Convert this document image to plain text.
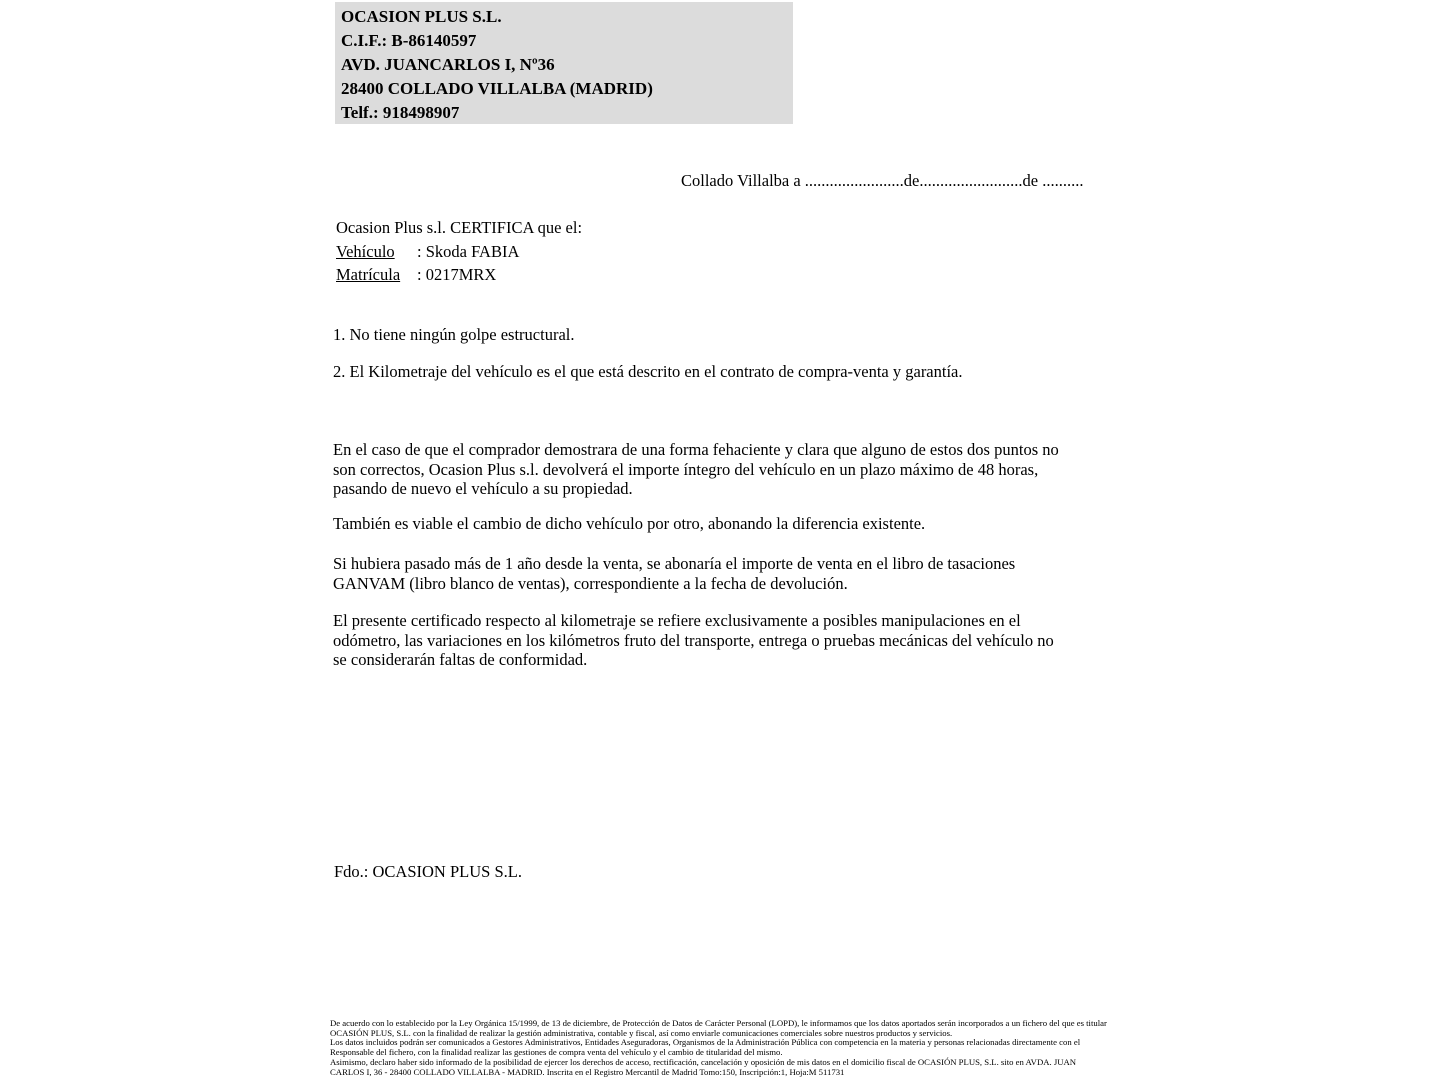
OCASION PLUS S.L.
C.I.F.: B-86140597
AVD. JUANCARLOS I, Nº36
28400 COLLADO VILLALBA (MADRID)
Telf.: 918498907
Collado Villalba a ........................de.........................de ..........
Ocasion Plus s.l. CERTIFICA que el:
Vehículo : Skoda FABIA
Matrícula : 0217MRX
1. No tiene ningún golpe estructural.
2. El Kilometraje del vehículo es el que está descrito en el contrato de compra-venta y garantía.
En el caso de que el comprador demostrara de una forma fehaciente y clara que alguno de estos dos puntos no
son correctos, Ocasion Plus s.l. devolverá el importe íntegro del vehículo en un plazo máximo de 48 horas,
pasando de nuevo el vehículo a su propiedad.
También es viable el cambio de dicho vehículo por otro, abonando la diferencia existente.
Si hubiera pasado más de 1 año desde la venta, se abonaría el importe de venta en el libro de tasaciones
GANVAM (libro blanco de ventas), correspondiente a la fecha de devolución.
El presente certificado respecto al kilometraje se refiere exclusivamente a posibles manipulaciones en el
odómetro, las variaciones en los kilómetros fruto del transporte, entrega o pruebas mecánicas del vehículo no
se considerarán faltas de conformidad.
Fdo.: OCASION PLUS S.L.
De acuerdo con lo establecido por la Ley Orgánica 15/1999, de 13 de diciembre, de Protección de Datos de Carácter Personal (LOPD), le informamos que los datos aportados serán incorporados a un fichero del que es titular
OCASIÓN PLUS, S.L. con la finalidad de realizar la gestión administrativa, contable y fiscal, así como enviarle comunicaciones comerciales sobre nuestros productos y servicios.
Los datos incluidos podrán ser comunicados a Gestores Administrativos, Entidades Aseguradoras, Organismos de la Administración Pública con competencia en la materia y personas relacionadas directamente con el
Responsable del fichero, con la finalidad realizar las gestiones de compra venta del vehículo y el cambio de titularidad del mismo.
Asimismo, declaro haber sido informado de la posibilidad de ejercer los derechos de acceso, rectificación, cancelación y oposición de mis datos en el domicilio fiscal de OCASIÓN PLUS, S.L. sito en AVDA. JUAN
CARLOS I, 36 - 28400 COLLADO VILLALBA - MADRID. Inscrita en el Registro Mercantil de Madrid Tomo:150, Inscripción:1, Hoja:M 511731
